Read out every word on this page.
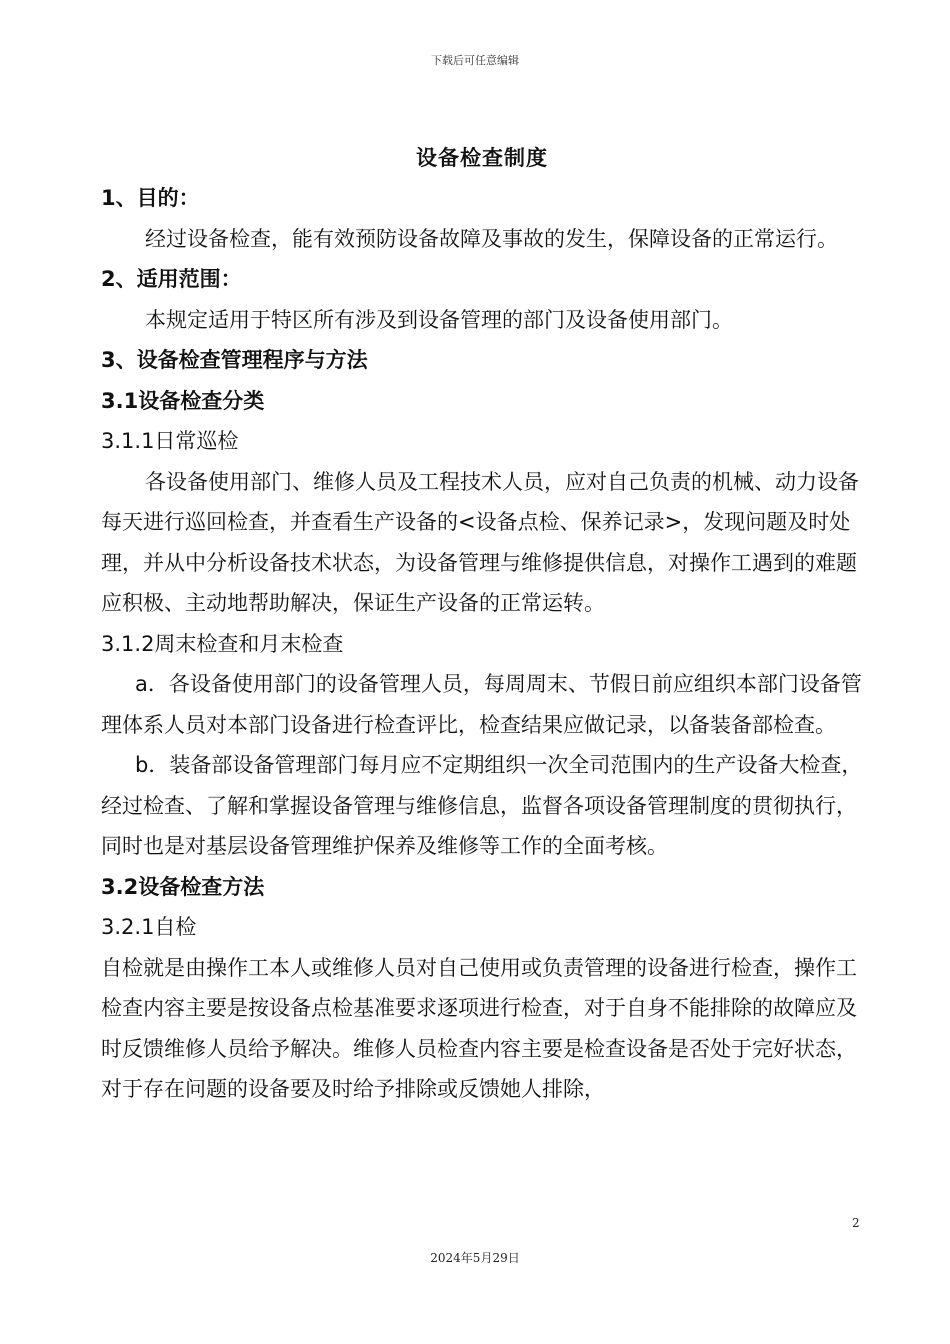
下载后可任意编辑
设备检查制度

1、目的：

经过设备检查，能有效预防设备故障及事故的发生，保障设备的正常运行。

2、适用范围：

本规定适用于特区所有涉及到设备管理的部门及设备使用部门。

3、设备检查管理程序与方法

3.1设备检查分类

3.1.1日常巡检

各设备使用部门、维修人员及工程技术人员，应对自己负责的机械、动力设备每天进行巡回检查，并查看生产设备的<设备点检、保养记录>，发现问题及时处理，并从中分析设备技术状态，为设备管理与维修提供信息，对操作工遇到的难题应积极、主动地帮助解决，保证生产设备的正常运转。

3.1.2周末检查和月末检查

a．各设备使用部门的设备管理人员，每周周末、节假日前应组织本部门设备管理体系人员对本部门设备进行检查评比，检查结果应做记录，以备装备部检查。

b．装备部设备管理部门每月应不定期组织一次全司范围内的生产设备大检查，经过检查、了解和掌握设备管理与维修信息，监督各项设备管理制度的贯彻执行，同时也是对基层设备管理维护保养及维修等工作的全面考核。

3.2设备检查方法

3.2.1自检

自检就是由操作工本人或维修人员对自己使用或负责管理的设备进行检查，操作工检查内容主要是按设备点检基准要求逐项进行检查，对于自身不能排除的故障应及时反馈维修人员给予解决。维修人员检查内容主要是检查设备是否处于完好状态，对于存在问题的设备要及时给予排除或反馈她人排除，

2
2024年5月29日
